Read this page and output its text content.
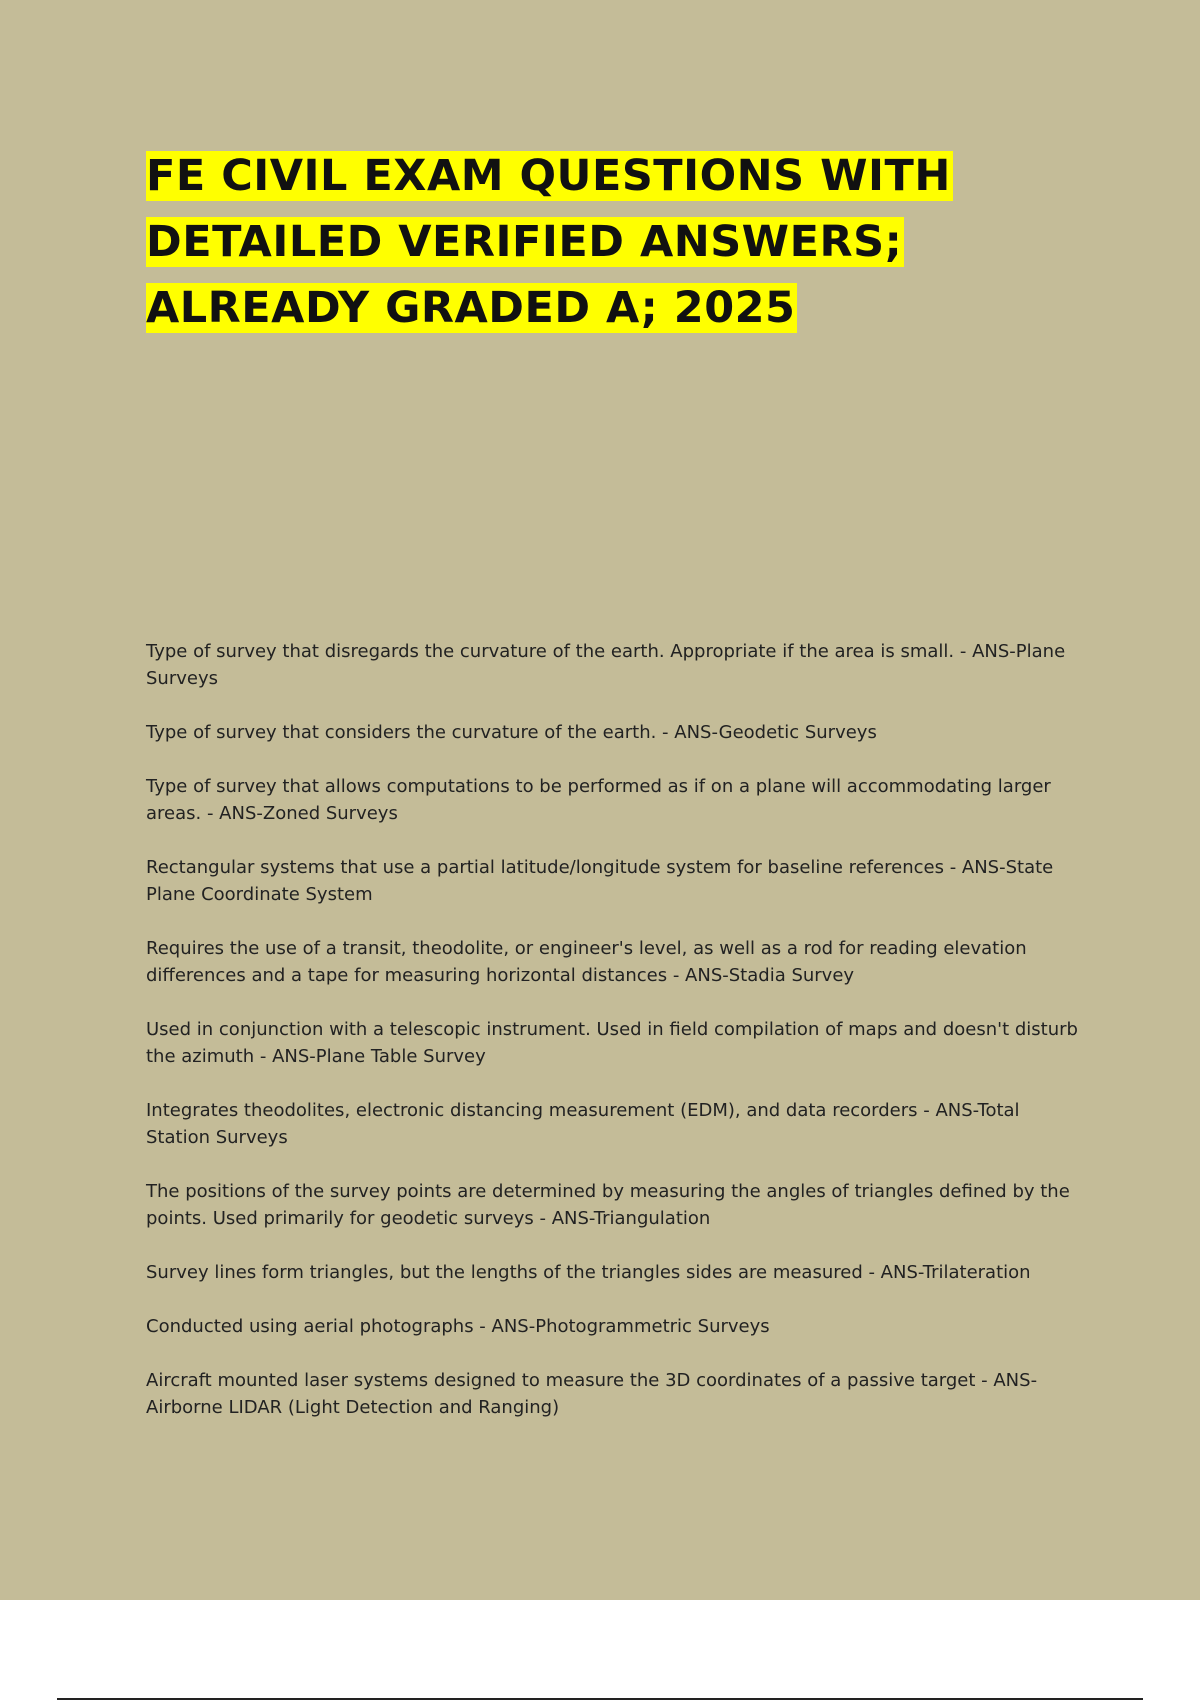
FE CIVIL EXAM QUESTIONS WITH

DETAILED VERIFIED ANSWERS;

ALREADY GRADED A; 2025

Type of survey that disregards the curvature of the earth. Appropriate if the area is small. - ANS-Plane Surveys
Type of survey that considers the curvature of the earth. - ANS-Geodetic Surveys
Type of survey that allows computations to be performed as if on a plane will accommodating larger areas. - ANS-Zoned Surveys
Rectangular systems that use a partial latitude/longitude system for baseline references - ANS-State Plane Coordinate System
Requires the use of a transit, theodolite, or engineer's level, as well as a rod for reading elevation differences and a tape for measuring horizontal distances - ANS-Stadia Survey
Used in conjunction with a telescopic instrument. Used in field compilation of maps and doesn't disturb the azimuth - ANS-Plane Table Survey
Integrates theodolites, electronic distancing measurement (EDM), and data recorders - ANS-Total Station Surveys
The positions of the survey points are determined by measuring the angles of triangles defined by the points. Used primarily for geodetic surveys - ANS-Triangulation
Survey lines form triangles, but the lengths of the triangles sides are measured - ANS-Trilateration
Conducted using aerial photographs - ANS-Photogrammetric Surveys
Aircraft mounted laser systems designed to measure the 3D coordinates of a passive target - ANS-Airborne LIDAR (Light Detection and Ranging)
